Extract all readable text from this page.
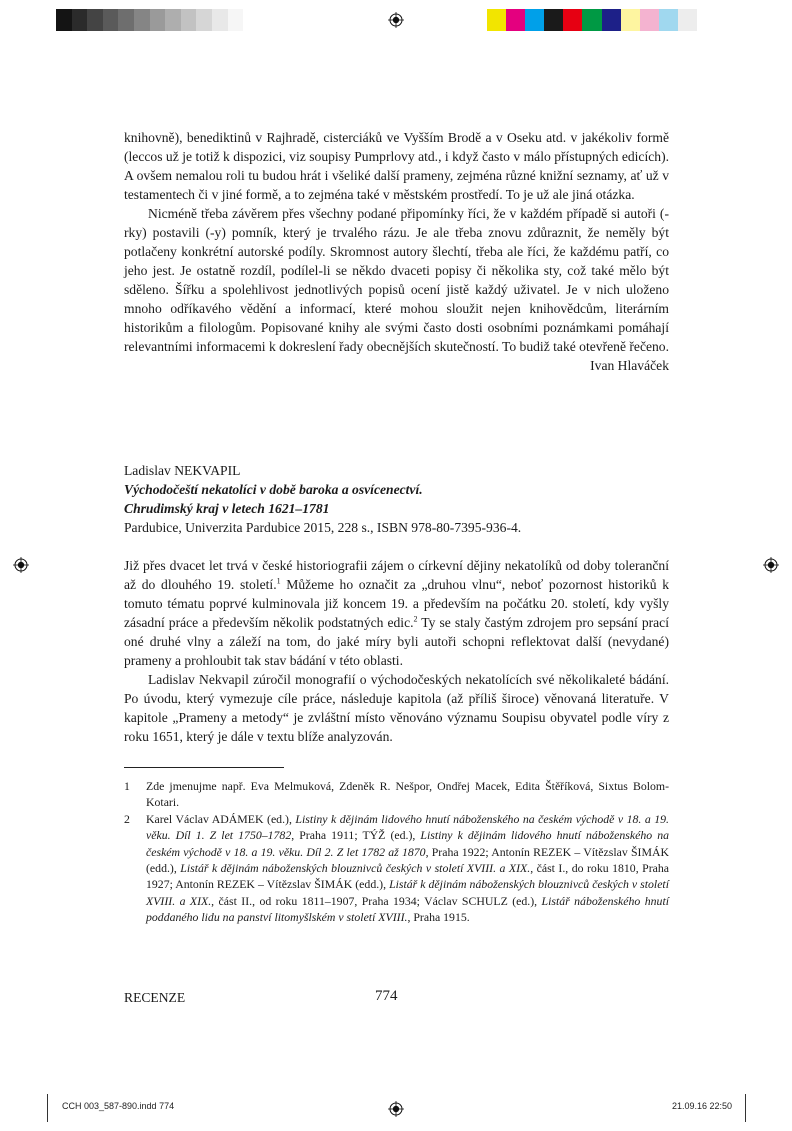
knihovně), benediktinů v Rajhradě, cisterciáků ve Vyšším Brodě a v Oseku atd. v jakékoliv formě (leccos už je totiž k dispozici, viz soupisy Pumprlovy atd., i když často v málo přístupných edicích). A ovšem nemalou roli tu budou hrát i všeliké další prameny, zejména různé knižní seznamy, ať už v testamentech či v jiné formě, a to zejména také v městském prostředí. To je už ale jiná otázka.

Nicméně třeba závěrem přes všechny podané připomínky říci, že v každém případě si autoři (-rky) postavili (-y) pomník, který je trvalého rázu. Je ale třeba znovu zdůraznit, že neměly být potlačeny konkrétní autorské podíly. Skromnost autory šlechtí, třeba ale říci, že každému patří, co jeho jest. Je ostatně rozdíl, podílel-li se někdo dvaceti popisy či několika sty, což také mělo být sděleno. Šířku a spolehlivost jednotlivých popisů ocení jistě každý uživatel. Je v nich uloženo mnoho odříkavého vědění a informací, které mohou sloužit nejen knihovědcům, literárním historikům a filologům. Popisované knihy ale svými často dosti osobními poznámkami pomáhají relevantními informacemi k dokreslení řady obecnějších skutečností. To budiž také otevřeně řečeno.

Ivan Hlaváček

Ladislav NEKVAPIL
Východočeští nekatolíci v době baroka a osvícenectví.
Chrudimský kraj v letech 1621–1781
Pardubice, Univerzita Pardubice 2015, 228 s., ISBN 978-80-7395-936-4.

Již přes dvacet let trvá v české historiografii zájem o církevní dějiny nekatolíků od doby toleranční až do dlouhého 19. století.$^1$ Můžeme ho označit za „druhou vlnu“, neboť pozornost historiků k tomuto tématu poprvé kulminovala již koncem 19. a především na počátku 20. století, kdy vyšly zásadní práce a především několik podstatných edic.$^2$ Ty se staly častým zdrojem pro sepsání prací oné druhé vlny a záleží na tom, do jaké míry byli autoři schopni reflektovat další (nevydané) prameny a prohloubit tak stav bádání v této oblasti.

Ladislav Nekvapil zúročil monografií o východočeských nekatolících své několikaleté bádání. Po úvodu, který vymezuje cíle práce, následuje kapitola (až příliš široce) věnovaná literatuře. V kapitole „Prameny a metody“ je zvláštní místo věnováno významu Soupisu obyvatel podle víry z roku 1651, který je dále v textu blíže analyzován.

1	Zde jmenujme např. Eva Melmuková, Zdeněk R. Nešpor, Ondřej Macek, Edita Štěříková, Sixtus Bolom-Kotari.
2	Karel Václav ADÁMEK (ed.), Listiny k dějinám lidového hnutí náboženského na českém východě v 18. a 19. věku. Díl 1. Z let 1750–1782, Praha 1911; TÝŽ (ed.), Listiny k dějinám lidového hnutí náboženského na českém východě v 18. a 19. věku. Díl 2. Z let 1782 až 1870, Praha 1922; Antonín REZEK – Vítězslav ŠIMÁK (edd.), Listář k dějinám náboženských blouznivců českých v století XVIII. a XIX., část I., do roku 1810, Praha 1927; Antonín REZEK – Vítězslav ŠIMÁK (edd.), Listář k dějinám náboženských blouznivců českých v století XVIII. a XIX., část II., od roku 1811–1907, Praha 1934; Václav SCHULZ (ed.), Listář náboženského hnutí poddaného lidu na panství litomyšlském v století XVIII., Praha 1915.
RECENZE	774
CCH 003_587-890.indd 774	21.09.16 22:50
